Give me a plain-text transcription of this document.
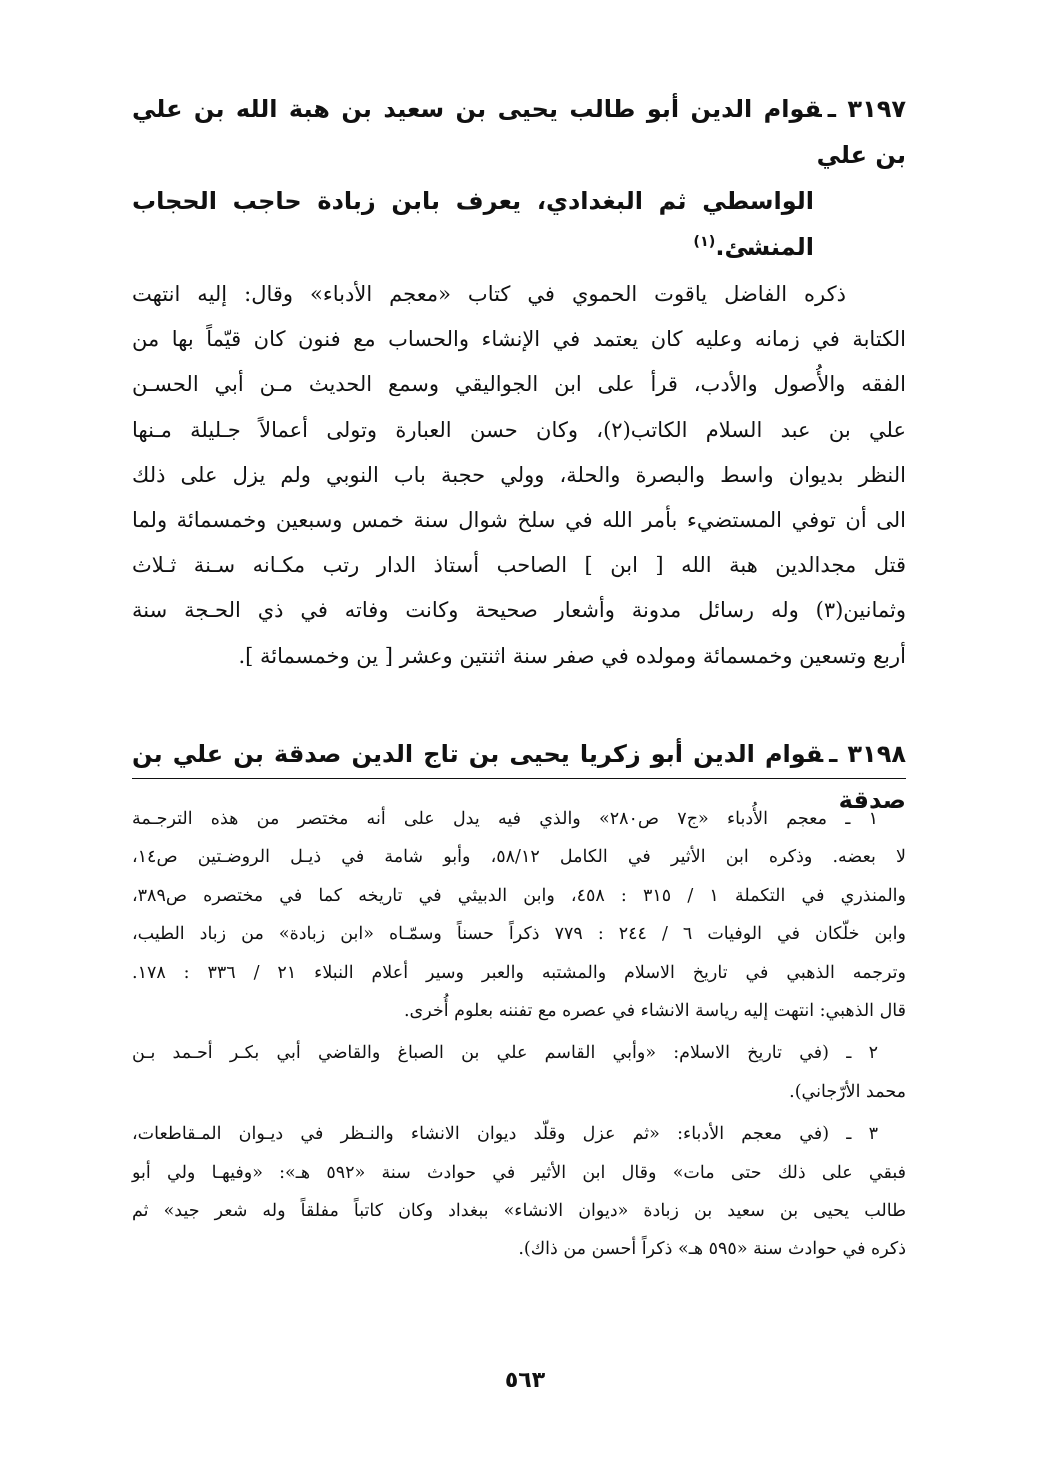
٣١٩٧ ـقوام الدين أبو طالب يحيى بن سعيد بن هبة الله بن علي بن علي
الواسطي ثم البغدادي، يعرف بابن زبادة حاجب الحجاب المنشئ.$^{(١)}$
ذكره الفاضل ياقوت الحموي في كتاب «معجم الأدباء» وقال: إليه انتهت
الكتابة في زمانه وعليه كان يعتمد في الإنشاء والحساب مع فنون كان قيّماً بها من
الفقه والأُصول والأدب، قرأ على ابن الجواليقي وسمع الحديث مـن أبي الحسـن
علي بن عبد السلام الكاتب(٢)، وكان حسن العبارة وتولى أعمالاً جـليلة مـنها
النظر بديوان واسط والبصرة والحلة، وولي حجبة باب النوبي ولم يزل على ذلك
الى أن توفي المستضيء بأمر الله في سلخ شوال سنة خمس وسبعين وخمسمائة ولما
قتل مجدالدين هبة الله [ ابن ] الصاحب أستاذ الدار رتب مكـانه سـنة ثـلاث
وثمانين(٣) وله رسائل مدونة وأشعار صحيحة وكانت وفاته في ذي الحـجة سنة
أربع وتسعين وخمسمائة ومولده في صفر سنة اثنتين وعشر [ ين وخمسمائة ].
٣١٩٨ ـقوام الدين أبو زكريا يحيى بن تاج الدين صدقة بن علي بن صدقة
١ ـ معجم الأُدباء «ج٧ ص٢٨٠» والذي فيه يدل على أنه مختصر من هذه الترجـمة
لا بعضه. وذكره ابن الأثير في الكامل ٥٨/١٢، وأبو شامة في ذيـل الروضـتين ص١٤،
والمنذري في التكملة ١ / ٣١٥ : ٤٥٨، وابن الدبيثي في تاريخه كما في مختصره ص٣٨٩،
وابن خلّكان في الوفيات ٦ / ٢٤٤ : ٧٧٩ ذكراً حسناً وسمّـاه «ابن زبادة» من زباد الطيب،
وترجمه الذهبي في تاريخ الاسلام والمشتبه والعبر وسير أعلام النبلاء ٢١ / ٣٣٦ : ١٧٨.
قال الذهبي: انتهت إليه رياسة الانشاء في عصره مع تفننه بعلوم أُخرى.
٢ ـ (في تاريخ الاسلام: «وأبي القاسم علي بن الصباغ والقاضي أبي بكـر أحـمد بـن
محمد الأرّجاني).
٣ ـ (في معجم الأدباء: «ثم عزل وقلّد ديوان الانشاء والنـظر في ديـوان المـقاطعات،
فبقي على ذلك حتى مات» وقال ابن الأثير في حوادث سنة «٥٩٢ هـ»: «وفيهـا ولي أبو
طالب يحيى بن سعيد بن زبادة «ديوان الانشاء» ببغداد وكان كاتباً مفلقاً وله شعر جيد» ثم
ذكره في حوادث سنة «٥٩٥ هـ» ذكراً أحسن من ذاك).
٥٦٣
